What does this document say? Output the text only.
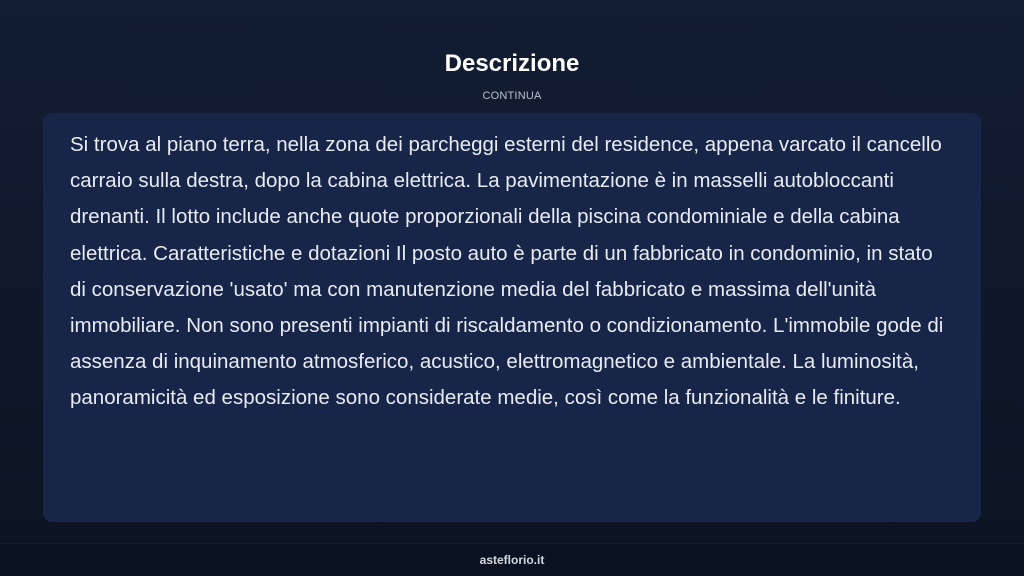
Descrizione
CONTINUA

Si trova al piano terra, nella zona dei parcheggi esterni del residence, appena varcato il cancello carraio sulla destra, dopo la cabina elettrica. La pavimentazione è in masselli autobloccanti drenanti. Il lotto include anche quote proporzionali della piscina condominiale e della cabina elettrica. Caratteristiche e dotazioni Il posto auto è parte di un fabbricato in condominio, in stato di conservazione 'usato' ma con manutenzione media del fabbricato e massima dell'unità immobiliare. Non sono presenti impianti di riscaldamento o condizionamento. L'immobile gode di assenza di inquinamento atmosferico, acustico, elettromagnetico e ambientale. La luminosità, panoramicità ed esposizione sono considerate medie, così come la funzionalità e le finiture.

asteflorio.it
